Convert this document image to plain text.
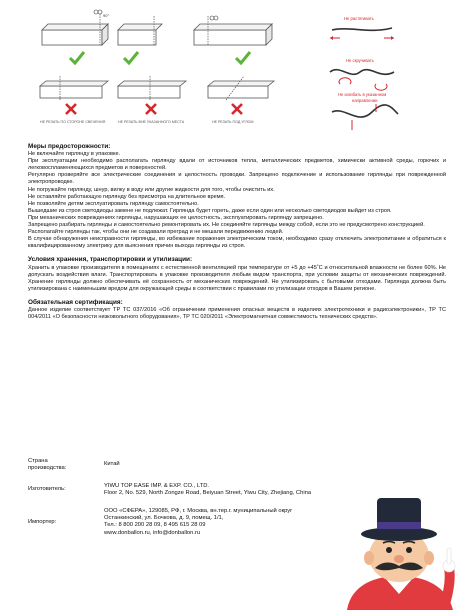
90°
НЕ РЕЗАТЬ ПО СТОРОНЕ СВЕЧЕНИЯ	НЕ РЕЗАТЬ ВНЕ УКАЗАННОГО МЕСТА	НЕ РЕЗАТЬ ПОД УГЛОМ
Не растягивать
Не скручивать
Не изгибать в указанном
направлении
Меры предосторожности:

Не включайте гирлянду в упаковке.

При эксплуатации необходимо располагать гирлянду вдали от источников тепла, металлических предметов, химически активной среды, горючих и легковоспламеняющихся предметов и поверхностей.

Регулярно проверяйте все электрические соединения и целостность проводки. Запрещено подключение и использование гирлянды при поврежденной электропроводке.

Не погружайте гирлянду, шнур, вилку в воду или другие жидкости для того, чтобы очистить их.

Не оставляйте работающую гирлянду без присмотра на длительное время.

Не позволяйте детям эксплуатировать гирлянду самостоятельно.

Вышедшие из строя светодиоды замене не подлежат. Гирлянда будет гореть, даже если один или несколько светодиодов выйдет из строя.

При механических повреждениях гирлянды, нарушающих ее целостность, эксплуатировать гирлянду запрещено.

Запрещено разбирать гирлянды и самостоятельно ремонтировать их. Не соединяйте гирлянды между собой, если это не предусмотрено конструкцией.

Располагайте гирлянды так, чтобы они не создавали преград и не мешали передвижению людей.

В случае обнаружения неисправности гирлянды, во избежание поражения электрическим током, необходимо сразу отключить электропитание и обратиться к квалифицированному электрику для выяснения причин выхода гирлянды из строя.

Условия хранения, транспортировки и утилизации:

Хранить в упаковке производителя в помещениях с естественной вентиляцией при температуре от +5 до +45˚С и относительной влажности не более 60%. Не допускать воздействия влаги. Транспортировать в упаковке производителя любым видом транспорта, при условии защиты от механических повреждений. Хранение гирлянды должно обеспечивать её сохранность от механических повреждений. Не утилизировать с бытовыми отходами. Гирлянда должна быть утилизирована с наименьшим вредом для окружающей среды в соответствии с правилами по утилизации отходов в Вашем регионе.

Обязательная сертификация:

Данное изделие соответствует ТР ТС 037/2016 «Об ограничении применения опасных веществ в изделиях электротехники и радиоэлектроники», ТР ТС 004/2011 «О безопасности низковольтного оборудования», ТР ТС 020/2011 «Электромагнитная совместимость технических средств».

Страна
производства:
Китай
Изготовитель:	YIWU TOP EASE IMP. & EXP. CO., LTD.
Floor 2, No. 529, North Zongze Road, Beiyuan Street, Yiwu City, Zhejiang, China
Импортер:
ООО «СФЕРА», 129085, РФ, г. Москва, вн.тер.г. муниципальный округ
Останкинский, ул. Бочкова, д. 9, помещ. 1/1,
Тел.: 8 800 200 28 09, 8 495 615 28 09
www.donballon.ru, info@donballon.ru
